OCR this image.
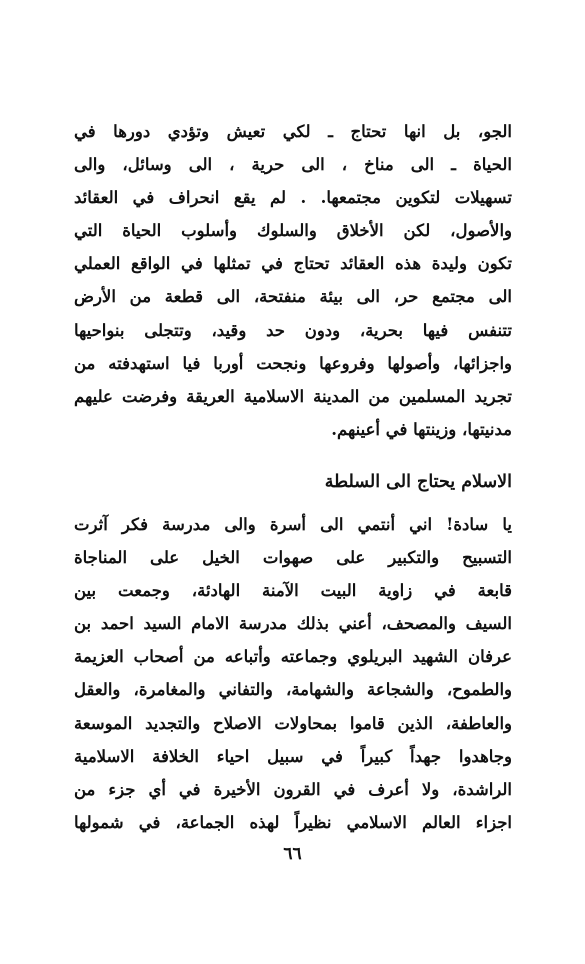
الجو، بل انها تحتاج ـ لكي تعيش وتؤدي دورها في
الحياة ـ الى مناخ ، الى حرية ، الى وسائل، والى
تسهيلات لتكوين مجتمعها. . لم يقع انحراف في العقائد
والأصول، لكن الأخلاق والسلوك وأسلوب الحياة التي
تكون وليدة هذه العقائد تحتاج في تمثلها في الواقع العملي
الى مجتمع حر، الى بيئة منفتحة، الى قطعة من الأرض
تتنفس فيها بحرية، ودون حد وقيد، وتتجلى بنواحيها
واجزائها، وأصولها وفروعها ونجحت أوربا فيا استهدفته من
تجريد المسلمين من المدينة الاسلامية العريقة وفرضت عليهم
مدنيتها، وزينتها في أعينهم.
الاسلام يحتاج الى السلطة
يا سادة! اني أنتمي الى أسرة والى مدرسة فكر آثرت
التسبيح والتكبير على صهوات الخيل على المناجاة
قابعة في زاوية البيت الآمنة الهادئة، وجمعت بين
السيف والمصحف، أعني بذلك مدرسة الامام السيد احمد بن
عرفان الشهيد البريلوي وجماعته وأتباعه من أصحاب العزيمة
والطموح، والشجاعة والشهامة، والتفاني والمغامرة، والعقل
والعاطفة، الذين قاموا بمحاولات الاصلاح والتجديد الموسعة
وجاهدوا جهداً كبيراً في سبيل احياء الخلافة الاسلامية
الراشدة، ولا أعرف في القرون الأخيرة في أي جزء من
اجزاء العالم الاسلامي نظيراً لهذه الجماعة، في شمولها
٦٦
